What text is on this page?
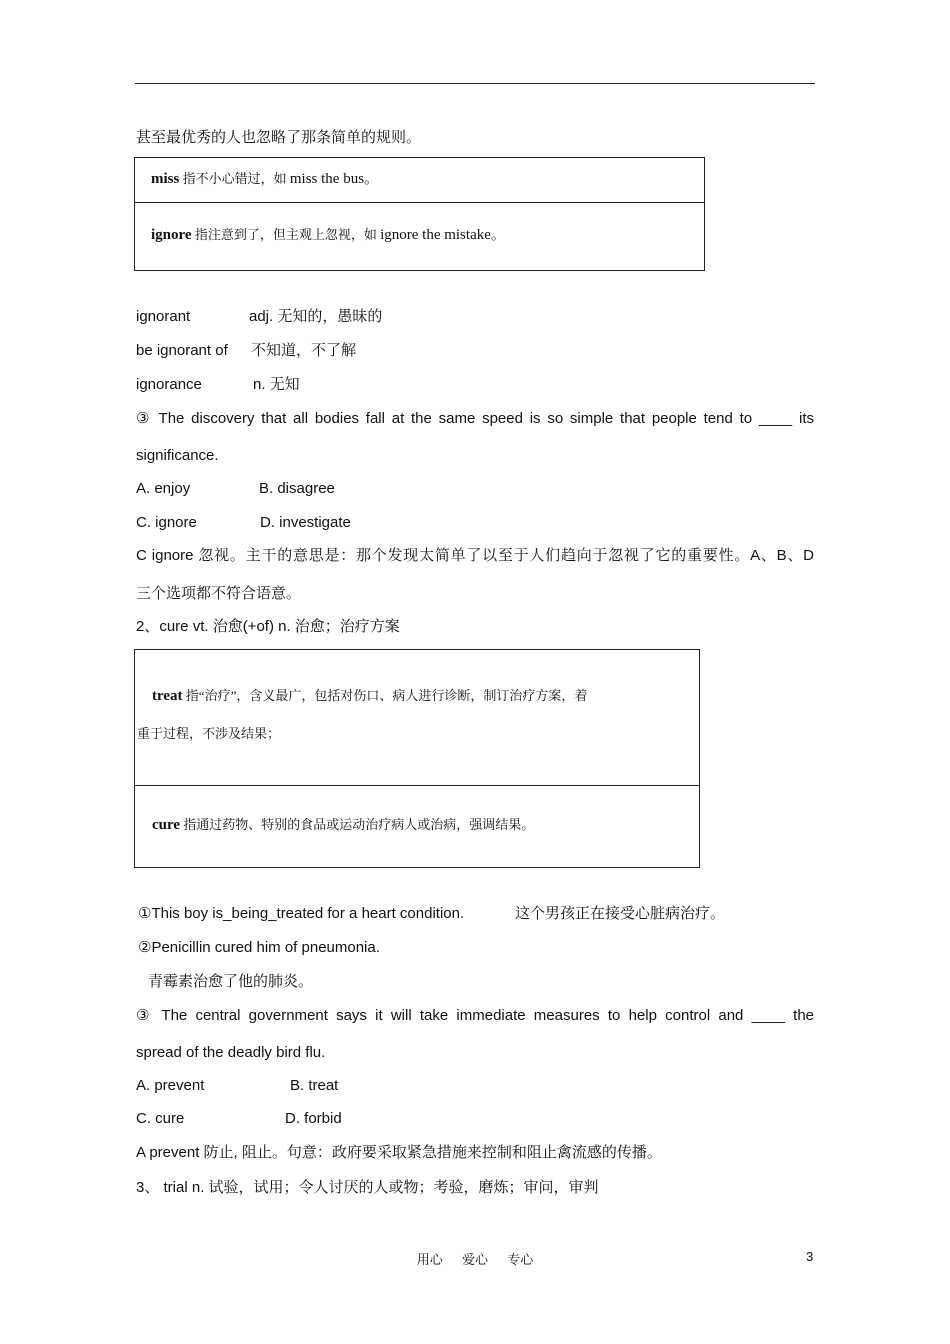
甚至最优秀的人也忽略了那条简单的规则。
miss 指不小心错过，如 miss the bus。
ignore 指注意到了，但主观上忽视，如 ignore the mistake。
ignorant	adj. 无知的，愚昧的
be ignorant of 不知道，不了解
ignorance	n. 无知
③ The discovery that all bodies fall at the same speed is so simple that people tend to ____ its
significance.
A. enjoy	B. disagree
C. ignore	D. investigate
C ignore 忽视。主干的意思是：那个发现太简单了以至于人们趋向于忽视了它的重要性。A、B、D
三个选项都不符合语意。
2、cure vt. 治愈(+of) n. 治愈；治疗方案
treat 指“治疗”，含义最广，包括对伤口、病人进行诊断，制订治疗方案，着
重于过程，不涉及结果；
cure 指通过药物、特别的食品或运动治疗病人或治病，强调结果。
①This boy is_being_treated for a heart condition.	这个男孩正在接受心脏病治疗。
②Penicillin cured him of pneumonia.
青霉素治愈了他的肺炎。
③ The central government says it will take immediate measures to help control and ____ the
spread of the deadly bird flu.
A. prevent	B. treat
C. cure	D. forbid
A prevent 防止, 阻止。句意：政府要采取紧急措施来控制和阻止禽流感的传播。
3、 trial n. 试验，试用；令人讨厌的人或物；考验，磨炼；审问，审判
用心 爱心 专心	3
